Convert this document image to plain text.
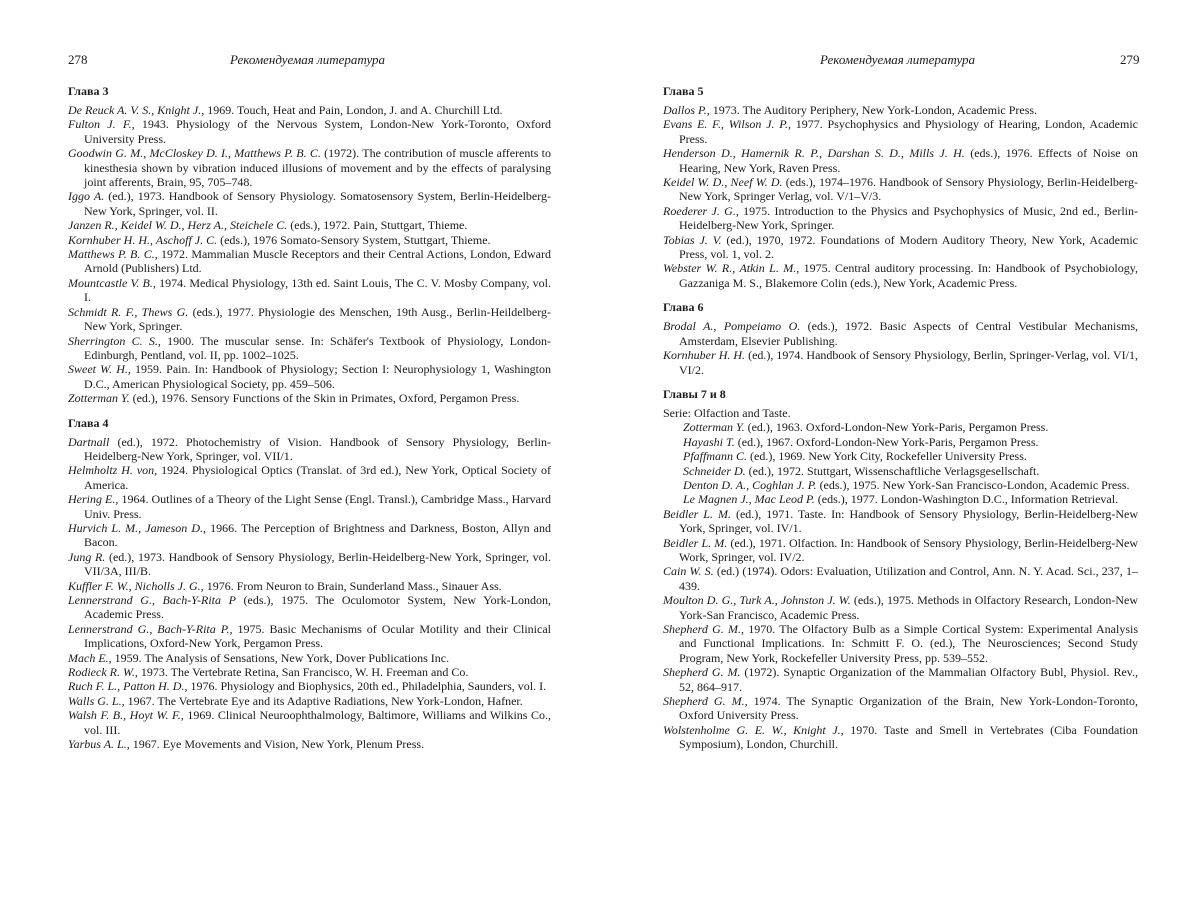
278	Рекомендуемая литература
Глава 3

De Reuck A. V. S., Knight J., 1969. Touch, Heat and Pain, London, J. and A. Churchill Ltd.

Fulton J. F., 1943. Physiology of the Nervous System, London-New York-Toronto, Oxford University Press.

Goodwin G. M., McCloskey D. I., Matthews P. B. C. (1972). The contribution of muscle afferents to kinesthesia shown by vibration induced illusions of movement and by the effects of paralysing joint afferents, Brain, 95, 705–748.

Iggo A. (ed.), 1973. Handbook of Sensory Physiology. Somatosensory System, Berlin-Heidelberg-New York, Springer, vol. II.

Janzen R., Keidel W. D., Herz A., Steichele C. (eds.), 1972. Pain, Stuttgart, Thieme.

Kornhuber H. H., Aschoff J. C. (eds.), 1976 Somato-Sensory System, Stuttgart, Thieme.

Matthews P. B. C., 1972. Mammalian Muscle Receptors and their Central Actions, London, Edward Arnold (Publishers) Ltd.

Mountcastle V. B., 1974. Medical Physiology, 13th ed. Saint Louis, The C. V. Mosby Company, vol. I.

Schmidt R. F., Thews G. (eds.), 1977. Physiologie des Menschen, 19th Ausg., Berlin-Heildelberg-New York, Springer.

Sherrington C. S., 1900. The muscular sense. In: Schäfer's Textbook of Physiology, London-Edinburgh, Pentland, vol. II, pp. 1002–1025.

Sweet W. H., 1959. Pain. In: Handbook of Physiology; Section I: Neurophysiology 1, Washington D.C., American Physiological Society, pp. 459–506.

Zotterman Y. (ed.), 1976. Sensory Functions of the Skin in Primates, Oxford, Pergamon Press.

Глава 4

Dartnall (ed.), 1972. Photochemistry of Vision. Handbook of Sensory Physiology, Berlin-Heidelberg-New York, Springer, vol. VII/1.

Helmholtz H. von, 1924. Physiological Optics (Translat. of 3rd ed.), New York, Optical Society of America.

Hering E., 1964. Outlines of a Theory of the Light Sense (Engl. Transl.), Cambridge Mass., Harvard Univ. Press.

Hurvich L. M., Jameson D., 1966. The Perception of Brightness and Darkness, Boston, Allyn and Bacon.

Jung R. (ed.), 1973. Handbook of Sensory Physiology, Berlin-Heidelberg-New York, Springer, vol. VII/3A, III/B.

Kuffler F. W., Nicholls J. G., 1976. From Neuron to Brain, Sunderland Mass., Sinauer Ass.

Lennerstrand G., Bach-Y-Rita P (eds.), 1975. The Oculomotor System, New York-London, Academic Press.

Lennerstrand G., Bach-Y-Rita P., 1975. Basic Mechanisms of Ocular Motility and their Clinical Implications, Oxford-New York, Pergamon Press.

Mach E., 1959. The Analysis of Sensations, New York, Dover Publications Inc.

Rodieck R. W., 1973. The Vertebrate Retina, San Francisco, W. H. Freeman and Co.

Ruch F. L., Patton H. D., 1976. Physiology and Biophysics, 20th ed., Philadelphia, Saunders, vol. I.

Walls G. L., 1967. The Vertebrate Eye and its Adaptive Radiations, New York-London, Hafner.

Walsh F. B., Hoyt W. F., 1969. Clinical Neuroophthalmology, Baltimore, Williams and Wilkins Co., vol. III.

Yarbus A. L., 1967. Eye Movements and Vision, New York, Plenum Press.

Рекомендуемая литература	279
Глава 5

Dallos P., 1973. The Auditory Periphery, New York-London, Academic Press.

Evans E. F., Wilson J. P., 1977. Psychophysics and Physiology of Hearing, London, Academic Press.

Henderson D., Hamernik R. P., Darshan S. D., Mills J. H. (eds.), 1976. Effects of Noise on Hearing, New York, Raven Press.

Keidel W. D., Neef W. D. (eds.), 1974–1976. Handbook of Sensory Physiology, Berlin-Heidelberg-New York, Springer Verlag, vol. V/1–V/3.

Roederer J. G., 1975. Introduction to the Physics and Psychophysics of Music, 2nd ed., Berlin-Heidelberg-New York, Springer.

Tobias J. V. (ed.), 1970, 1972. Foundations of Modern Auditory Theory, New York, Academic Press, vol. 1, vol. 2.

Webster W. R., Atkin L. M., 1975. Central auditory processing. In: Handbook of Psychobiology, Gazzaniga M. S., Blakemore Colin (eds.), New York, Academic Press.

Глава 6

Brodal A., Pompeiamo O. (eds.), 1972. Basic Aspects of Central Vestibular Mechanisms, Amsterdam, Elsevier Publishing.

Kornhuber H. H. (ed.), 1974. Handbook of Sensory Physiology, Berlin, Springer-Verlag, vol. VI/1, VI/2.

Главы 7 и 8

Serie: Olfaction and Taste.

Zotterman Y. (ed.), 1963. Oxford-London-New York-Paris, Pergamon Press.

Hayashi T. (ed.), 1967. Oxford-London-New York-Paris, Pergamon Press.

Pfaffmann C. (ed.), 1969. New York City, Rockefeller University Press.

Schneider D. (ed.), 1972. Stuttgart, Wissenschaftliche Verlagsgesellschaft.

Denton D. A., Coghlan J. P. (eds.), 1975. New York-San Francisco-London, Academic Press.

Le Magnen J., Mac Leod P. (eds.), 1977. London-Washington D.C., Information Retrieval.

Beidler L. M. (ed.), 1971. Taste. In: Handbook of Sensory Physiology, Berlin-Heidelberg-New York, Springer, vol. IV/1.

Beidler L. M. (ed.), 1971. Olfaction. In: Handbook of Sensory Physiology, Berlin-Heidelberg-New Work, Springer, vol. IV/2.

Cain W. S. (ed.) (1974). Odors: Evaluation, Utilization and Control, Ann. N. Y. Acad. Sci., 237, 1–439.

Moulton D. G., Turk A., Johnston J. W. (eds.), 1975. Methods in Olfactory Research, London-New York-San Francisco, Academic Press.

Shepherd G. M., 1970. The Olfactory Bulb as a Simple Cortical System: Experimental Analysis and Functional Implications. In: Schmitt F. O. (ed.), The Neurosciences; Second Study Program, New York, Rockefeller University Press, pp. 539–552.

Shepherd G. M. (1972). Synaptic Organization of the Mammalian Olfactory Bubl, Physiol. Rev., 52, 864–917.

Shepherd G. M., 1974. The Synaptic Organization of the Brain, New York-London-Toronto, Oxford University Press.

Wolstenholme G. E. W., Knight J., 1970. Taste and Smell in Vertebrates (Ciba Foundation Symposium), London, Churchill.
